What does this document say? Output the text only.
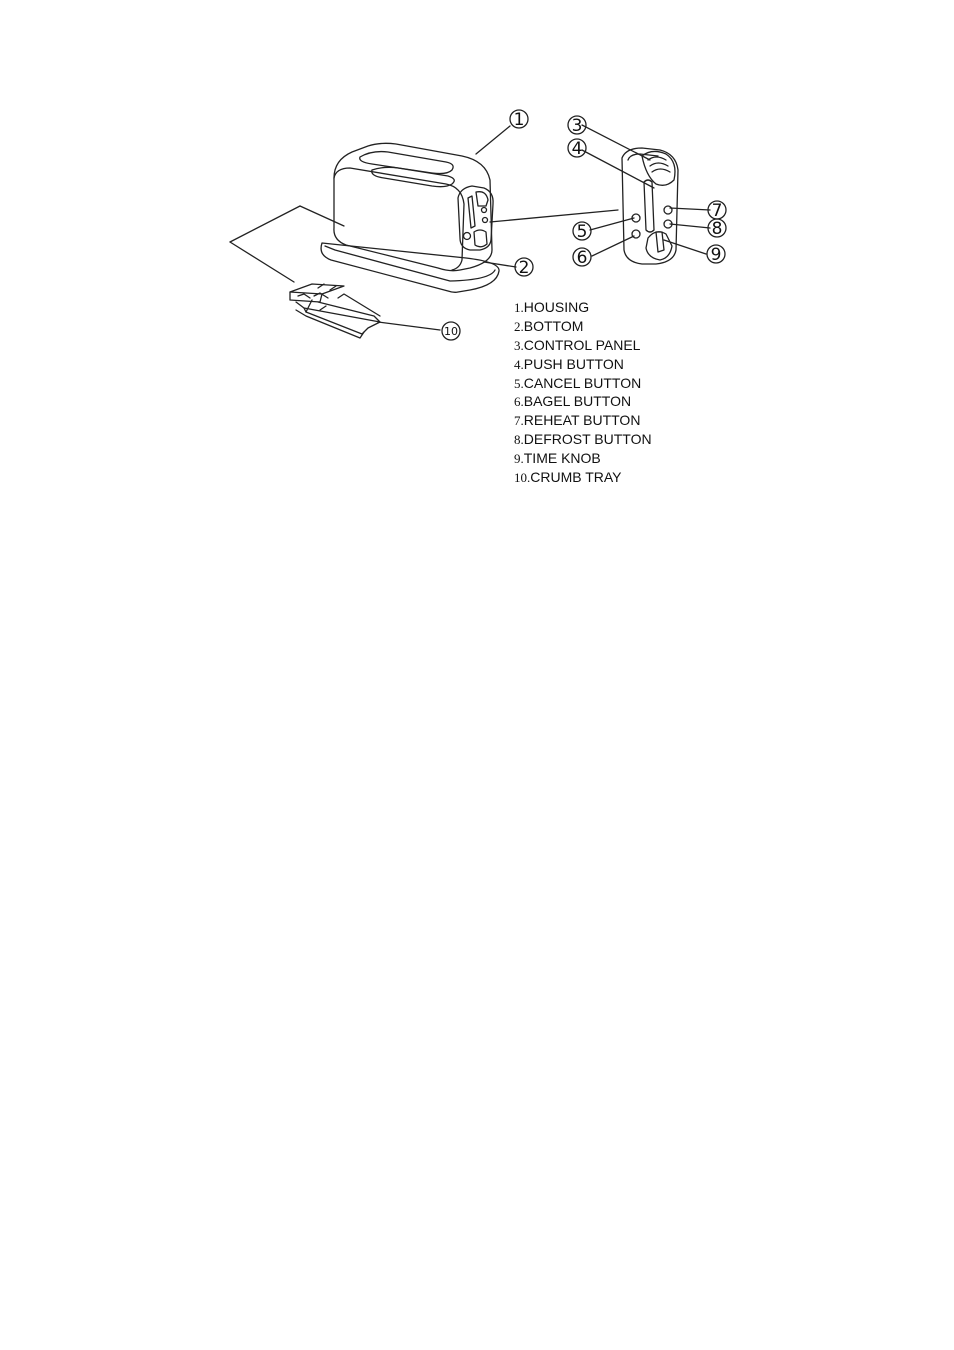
1
2
3
4
5
6
7
8
9
10
1.HOUSING
2.BOTTOM
3.CONTROL PANEL
4.PUSH BUTTON
5.CANCEL BUTTON
6.BAGEL BUTTON
7.REHEAT BUTTON
8.DEFROST BUTTON
9.TIME KNOB
10.CRUMB TRAY
